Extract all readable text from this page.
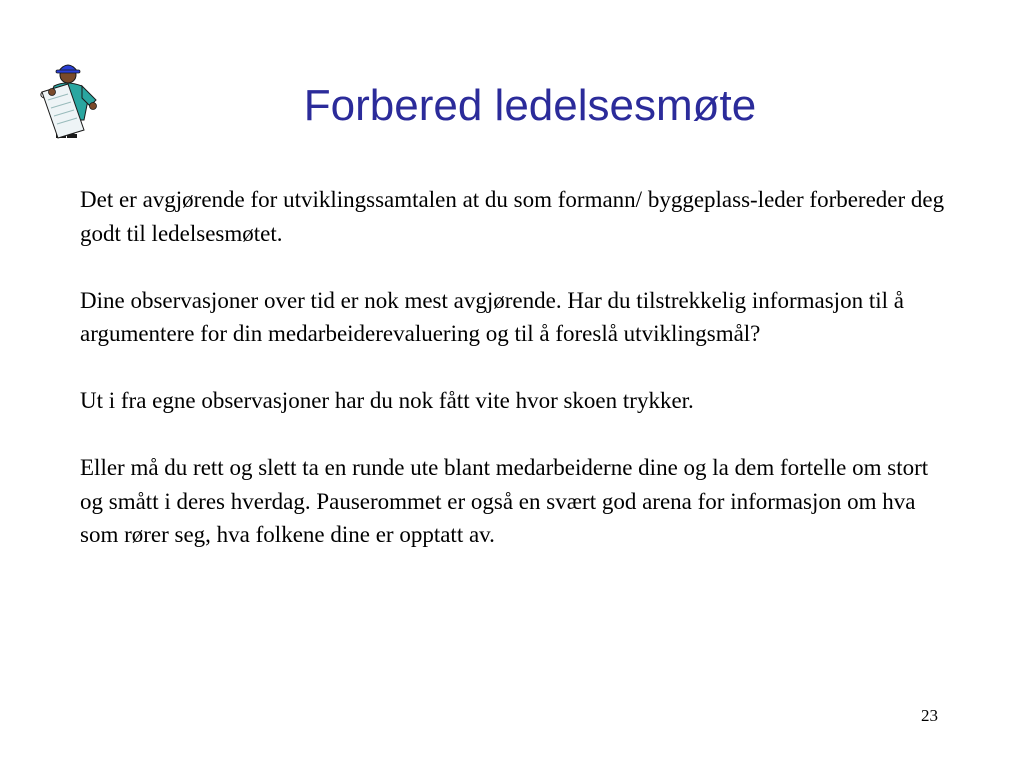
Forbered ledelsesmøte

Det er avgjørende for utviklingssamtalen at du som formann/ byggeplass-leder forbereder deg godt til ledelsesmøtet.

Dine observasjoner over tid er nok mest avgjørende. Har du tilstrekkelig informasjon til å argumentere for din medarbeiderevaluering og til å foreslå utviklingsmål?

Ut i fra egne observasjoner har du nok fått vite hvor skoen trykker.

Eller må du rett og slett ta en runde ute blant medarbeiderne dine og la dem fortelle om stort og smått i deres hverdag. Pauserommet er også en svært god arena for informasjon om hva som rører seg, hva folkene dine er opptatt av.

23
